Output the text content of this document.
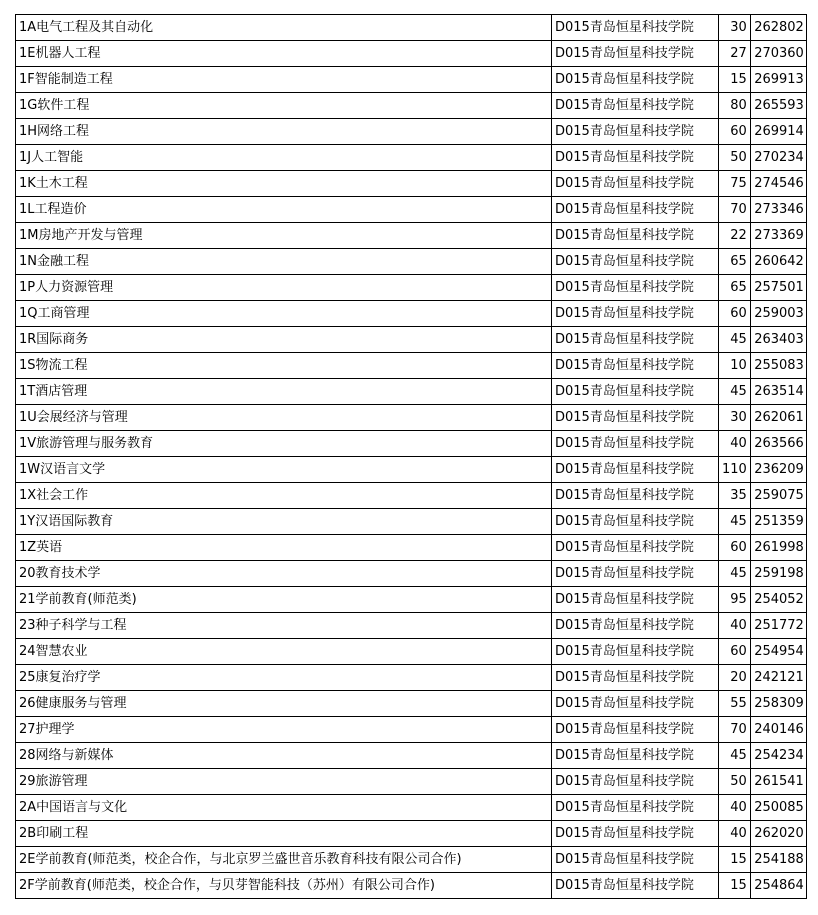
1A电气工程及其自动化	D015青岛恒星科技学院	30	262802
1E机器人工程	D015青岛恒星科技学院	27	270360
1F智能制造工程	D015青岛恒星科技学院	15	269913
1G软件工程	D015青岛恒星科技学院	80	265593
1H网络工程	D015青岛恒星科技学院	60	269914
1J人工智能	D015青岛恒星科技学院	50	270234
1K土木工程	D015青岛恒星科技学院	75	274546
1L工程造价	D015青岛恒星科技学院	70	273346
1M房地产开发与管理	D015青岛恒星科技学院	22	273369
1N金融工程	D015青岛恒星科技学院	65	260642
1P人力资源管理	D015青岛恒星科技学院	65	257501
1Q工商管理	D015青岛恒星科技学院	60	259003
1R国际商务	D015青岛恒星科技学院	45	263403
1S物流工程	D015青岛恒星科技学院	10	255083
1T酒店管理	D015青岛恒星科技学院	45	263514
1U会展经济与管理	D015青岛恒星科技学院	30	262061
1V旅游管理与服务教育	D015青岛恒星科技学院	40	263566
1W汉语言文学	D015青岛恒星科技学院	110	236209
1X社会工作	D015青岛恒星科技学院	35	259075
1Y汉语国际教育	D015青岛恒星科技学院	45	251359
1Z英语	D015青岛恒星科技学院	60	261998
20教育技术学	D015青岛恒星科技学院	45	259198
21学前教育(师范类)	D015青岛恒星科技学院	95	254052
23种子科学与工程	D015青岛恒星科技学院	40	251772
24智慧农业	D015青岛恒星科技学院	60	254954
25康复治疗学	D015青岛恒星科技学院	20	242121
26健康服务与管理	D015青岛恒星科技学院	55	258309
27护理学	D015青岛恒星科技学院	70	240146
28网络与新媒体	D015青岛恒星科技学院	45	254234
29旅游管理	D015青岛恒星科技学院	50	261541
2A中国语言与文化	D015青岛恒星科技学院	40	250085
2B印刷工程	D015青岛恒星科技学院	40	262020
2E学前教育(师范类，校企合作，与北京罗兰盛世音乐教育科技有限公司合作)	D015青岛恒星科技学院	15	254188
2F学前教育(师范类，校企合作，与贝芽智能科技（苏州）有限公司合作)	D015青岛恒星科技学院	15	254864
